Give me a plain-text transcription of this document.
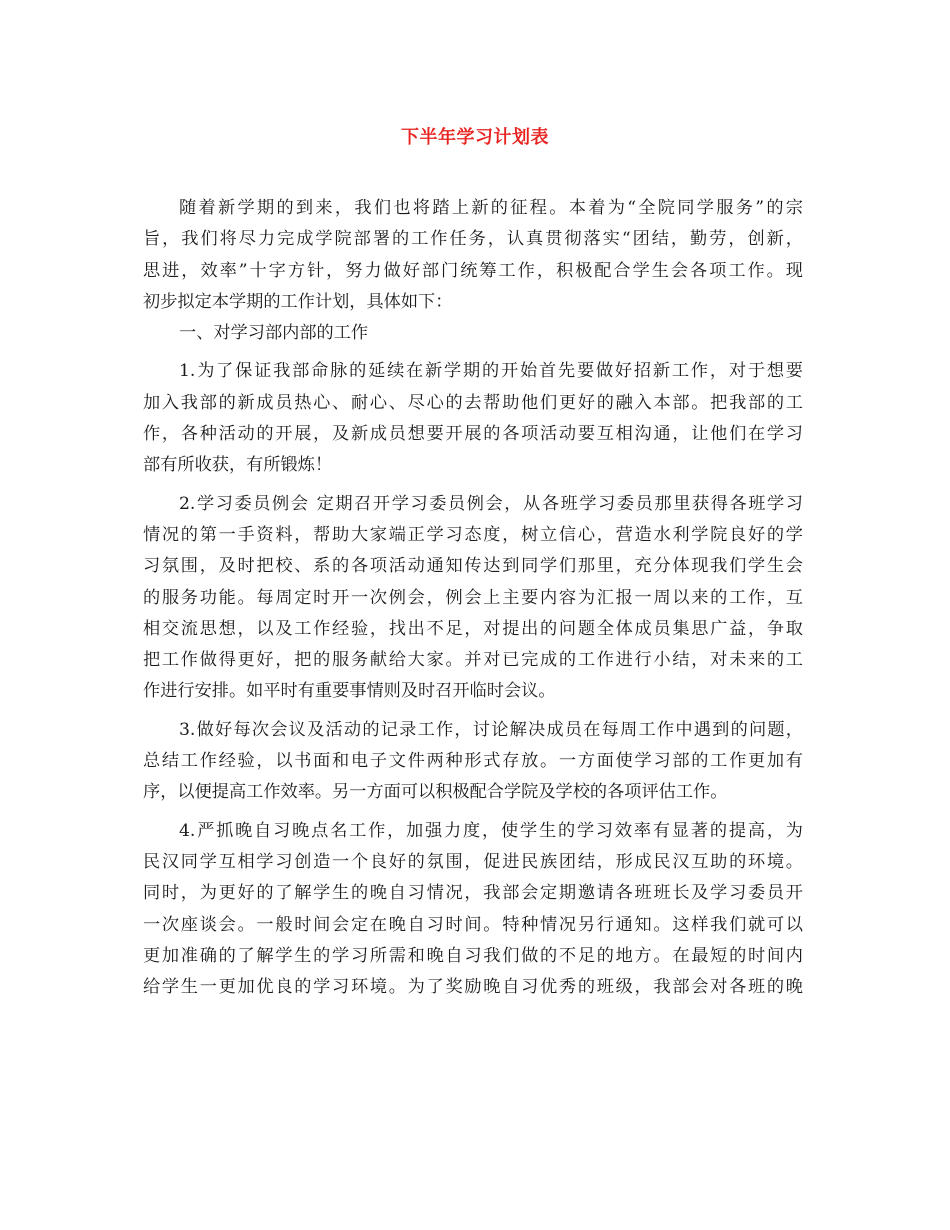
下半年学习计划表
随着新学期的到来，我们也将踏上新的征程。本着为“全院同学服务”的宗
旨，我们将尽力完成学院部署的工作任务，认真贯彻落实“团结，勤劳，创新，
思进，效率”十字方针，努力做好部门统筹工作，积极配合学生会各项工作。现
初步拟定本学期的工作计划，具体如下：
一、对学习部内部的工作
1.为了保证我部命脉的延续在新学期的开始首先要做好招新工作，对于想要
加入我部的新成员热心、耐心、尽心的去帮助他们更好的融入本部。把我部的工
作，各种活动的开展，及新成员想要开展的各项活动要互相沟通，让他们在学习
部有所收获，有所锻炼！
2.学习委员例会 定期召开学习委员例会，从各班学习委员那里获得各班学习
情况的第一手资料，帮助大家端正学习态度，树立信心，营造水利学院良好的学
习氛围，及时把校、系的各项活动通知传达到同学们那里，充分体现我们学生会
的服务功能。每周定时开一次例会，例会上主要内容为汇报一周以来的工作，互
相交流思想，以及工作经验，找出不足，对提出的问题全体成员集思广益，争取
把工作做得更好，把的服务献给大家。并对已完成的工作进行小结，对未来的工
作进行安排。如平时有重要事情则及时召开临时会议。
3.做好每次会议及活动的记录工作，讨论解决成员在每周工作中遇到的问题，
总结工作经验，以书面和电子文件两种形式存放。一方面使学习部的工作更加有
序，以便提高工作效率。另一方面可以积极配合学院及学校的各项评估工作。
4.严抓晚自习晚点名工作，加强力度，使学生的学习效率有显著的提高，为
民汉同学互相学习创造一个良好的氛围，促进民族团结，形成民汉互助的环境。
同时，为更好的了解学生的晚自习情况，我部会定期邀请各班班长及学习委员开
一次座谈会。一般时间会定在晚自习时间。特种情况另行通知。这样我们就可以
更加准确的了解学生的学习所需和晚自习我们做的不足的地方。在最短的时间内
给学生一更加优良的学习环境。为了奖励晚自习优秀的班级，我部会对各班的晚
